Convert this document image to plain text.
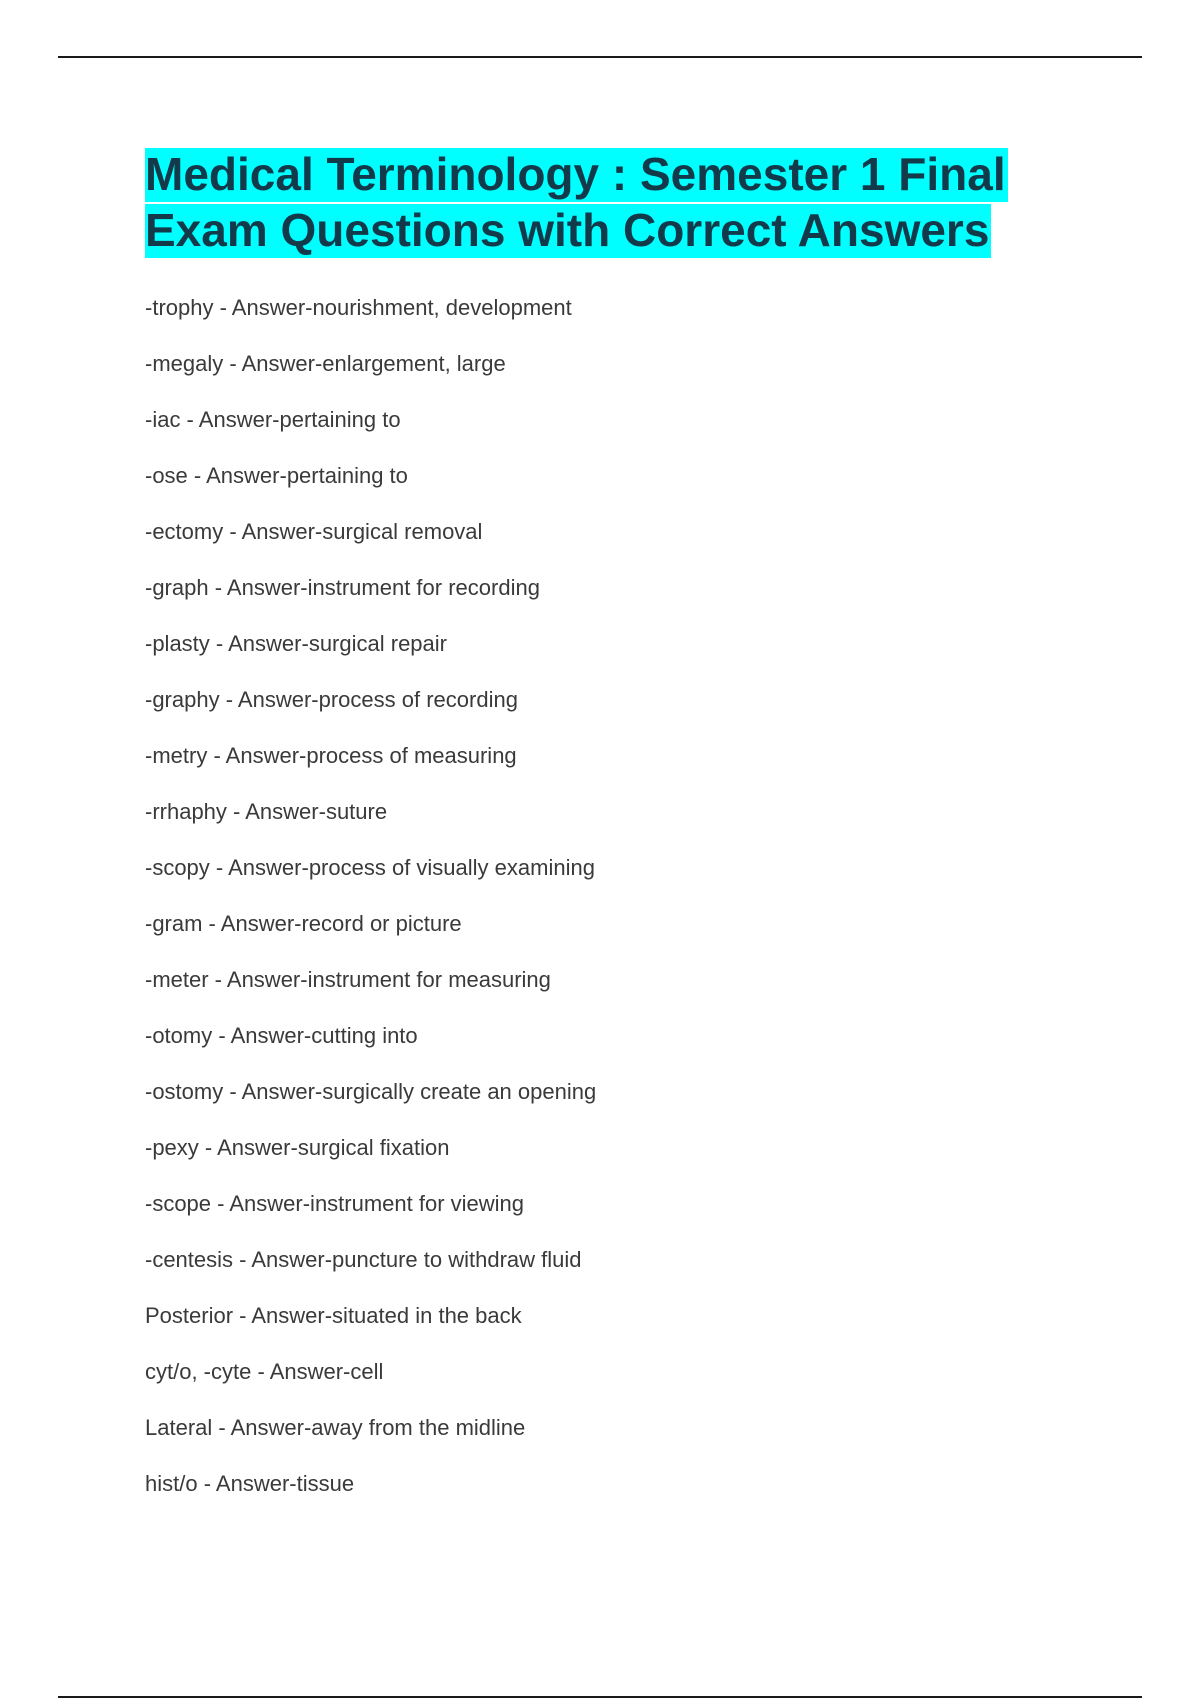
Medical Terminology : Semester 1 Final
Exam Questions with Correct Answers
-trophy - Answer-nourishment, development
-megaly - Answer-enlargement, large
-iac - Answer-pertaining to
-ose - Answer-pertaining to
-ectomy - Answer-surgical removal
-graph - Answer-instrument for recording
-plasty - Answer-surgical repair
-graphy - Answer-process of recording
-metry - Answer-process of measuring
-rrhaphy - Answer-suture
-scopy - Answer-process of visually examining
-gram - Answer-record or picture
-meter - Answer-instrument for measuring
-otomy - Answer-cutting into
-ostomy - Answer-surgically create an opening
-pexy - Answer-surgical fixation
-scope - Answer-instrument for viewing
-centesis - Answer-puncture to withdraw fluid
Posterior - Answer-situated in the back
cyt/o, -cyte - Answer-cell
Lateral - Answer-away from the midline
hist/o - Answer-tissue
